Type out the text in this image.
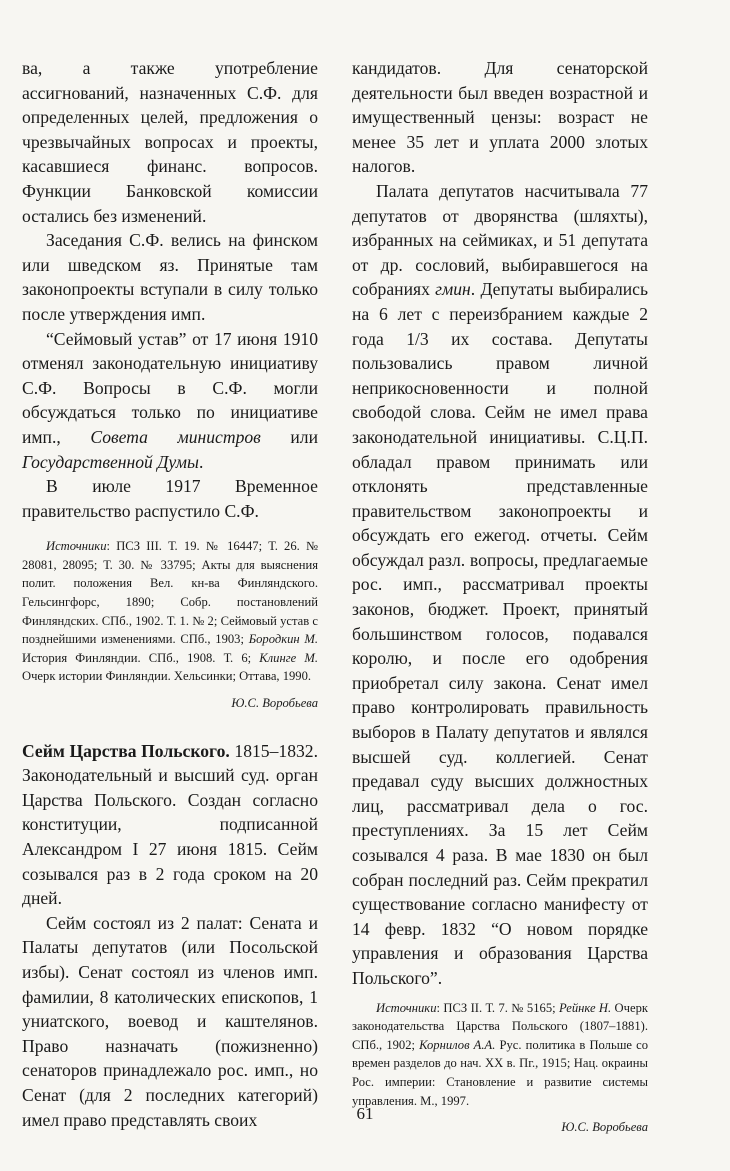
ва, а также употребление ассигнований, назначенных С.Ф. для определенных целей, предложения о чрезвычайных вопросах и проекты, касавшиеся финанс. вопросов. Функции Банковской комиссии остались без изменений.

Заседания С.Ф. велись на финском или шведском яз. Принятые там законопроекты вступали в силу только после утверждения имп.

“Сеймовый устав” от 17 июня 1910 отменял законодательную инициативу С.Ф. Вопросы в С.Ф. могли обсуждаться только по инициативе имп., Совета министров или Государственной Думы.

В июле 1917 Временное правительство распустило С.Ф.

Источники: ПСЗ III. Т. 19. № 16447; Т. 26. № 28081, 28095; Т. 30. № 33795; Акты для выяснения полит. положения Вел. кн-ва Финляндского. Гельсингфорс, 1890; Собр. постановлений Финляндских. СПб., 1902. Т. 1. № 2; Сеймовый устав с позднейшими изменениями. СПб., 1903; Бородкин М. История Финляндии. СПб., 1908. Т. 6; Клинге М. Очерк истории Финляндии. Хельсинки; Оттава, 1990.

Ю.С. Воробьева

Сейм Царства Польского. 1815–1832. Законодательный и высший суд. орган Царства Польского. Создан согласно конституции, подписанной Александром I 27 июня 1815. Сейм созывался раз в 2 года сроком на 20 дней.

Сейм состоял из 2 палат: Сената и Палаты депутатов (или Посольской избы). Сенат состоял из членов имп. фамилии, 8 католических епископов, 1 униатского, воевод и каштелянов. Право назначать (пожизненно) сенаторов принадлежало рос. имп., но Сенат (для 2 последних категорий) имел право представлять своих

кандидатов. Для сенаторской деятельности был введен возрастной и имущественный цензы: возраст не менее 35 лет и уплата 2000 злотых налогов.

Палата депутатов насчитывала 77 депутатов от дворянства (шляхты), избранных на сеймиках, и 51 депутата от др. сословий, выбиравшегося на собраниях гмин. Депутаты выбирались на 6 лет с переизбранием каждые 2 года 1/3 их состава. Депутаты пользовались правом личной неприкосновенности и полной свободой слова. Сейм не имел права законодательной инициативы. С.Ц.П. обладал правом принимать или отклонять представленные правительством законопроекты и обсуждать его ежегод. отчеты. Сейм обсуждал разл. вопросы, предлагаемые рос. имп., рассматривал проекты законов, бюджет. Проект, принятый большинством голосов, подавался королю, и после его одобрения приобретал силу закона. Сенат имел право контролировать правильность выборов в Палату депутатов и являлся высшей суд. коллегией. Сенат предавал суду высших должностных лиц, рассматривал дела о гос. преступлениях. За 15 лет Сейм созывался 4 раза. В мае 1830 он был собран последний раз. Сейм прекратил существование согласно манифесту от 14 февр. 1832 “О новом порядке управления и образования Царства Польского”.

Источники: ПСЗ II. Т. 7. № 5165; Рейнке Н. Очерк законодательства Царства Польского (1807–1881). СПб., 1902; Корнилов А.А. Рус. политика в Польше со времен разделов до нач. XX в. Пг., 1915; Нац. окраины Рос. империи: Становление и развитие системы управления. М., 1997.

Ю.С. Воробьева

61
